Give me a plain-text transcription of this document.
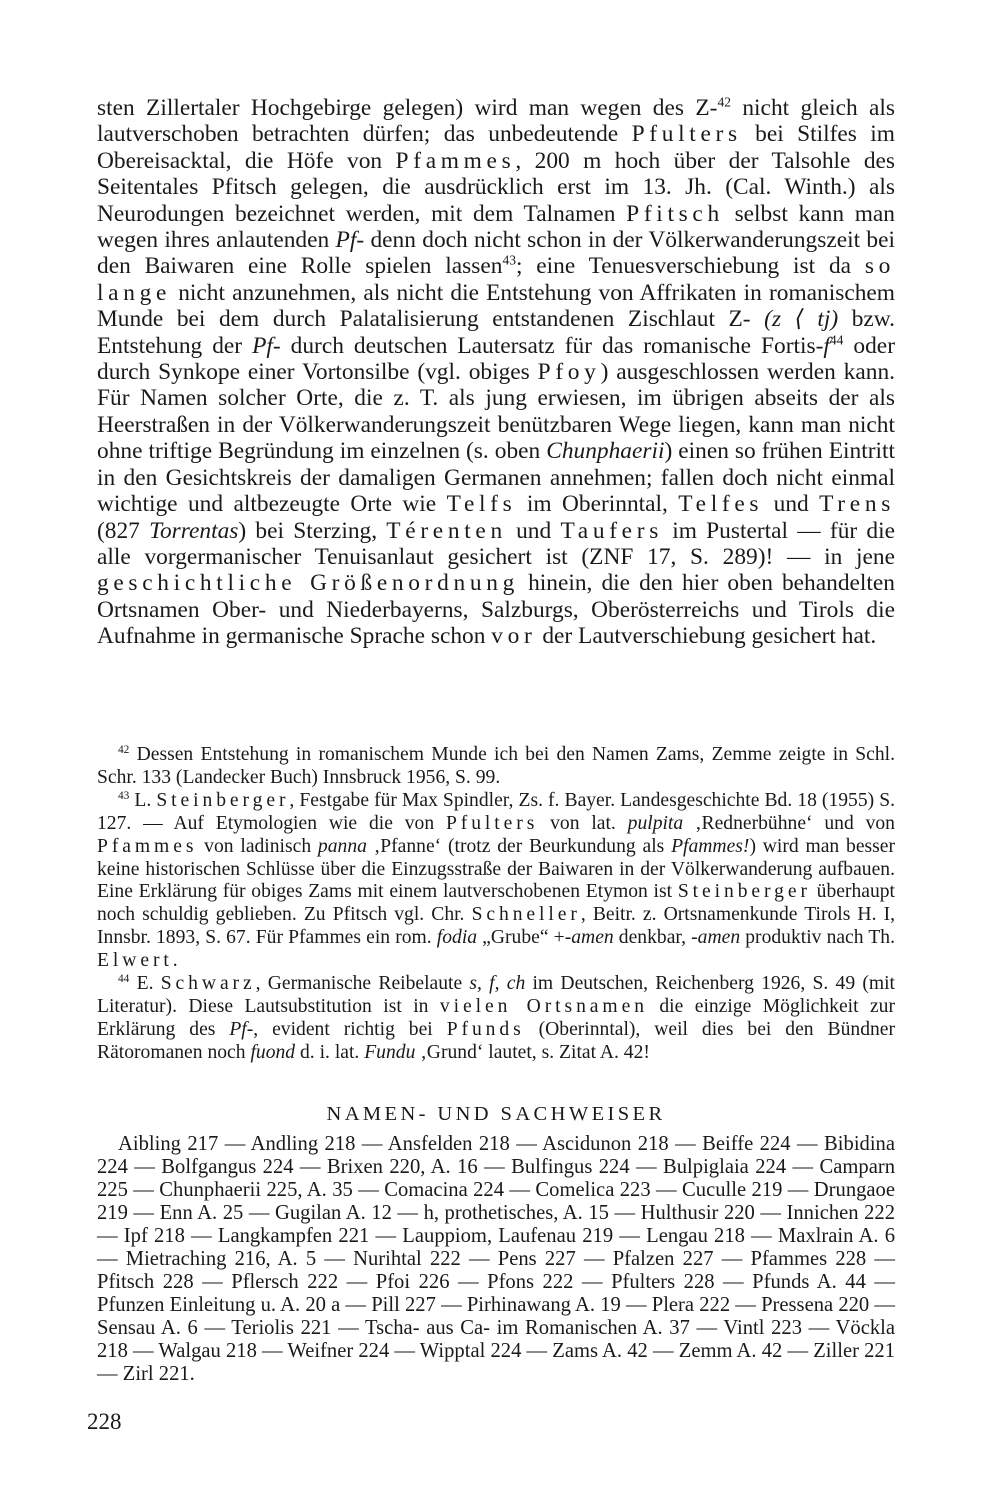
sten Zillertaler Hochgebirge gelegen) wird man wegen des Z-$^{42}$ nicht gleich als lautverschoben betrachten dürfen; das unbedeutende Pfulters bei Stilfes im Obereisacktal, die Höfe von Pfammes, 200 m hoch über der Talsohle des Seitentales Pfitsch gelegen, die ausdrücklich erst im 13. Jh. (Cal. Winth.) als Neurodungen bezeichnet werden, mit dem Talnamen Pfitsch selbst kann man wegen ihres anlautenden Pf- denn doch nicht schon in der Völkerwanderungszeit bei den Baiwaren eine Rolle spielen lassen$^{43}$; eine Tenuesverschiebung ist da so lange nicht anzunehmen, als nicht die Entstehung von Affrikaten in romanischem Munde bei dem durch Palatalisierung entstandenen Zischlaut Z- (z ⟨ tj) bzw. Entstehung der Pf- durch deutschen Lautersatz für das romanische Fortis-$f^{44}$ oder durch Synkope einer Vortonsilbe (vgl. obiges Pfoy) ausgeschlossen werden kann. Für Namen solcher Orte, die z. T. als jung erwiesen, im übrigen abseits der als Heerstraßen in der Völkerwanderungszeit benützbaren Wege liegen, kann man nicht ohne triftige Begründung im einzelnen (s. oben Chunphaerii) einen so frühen Eintritt in den Gesichtskreis der damaligen Germanen annehmen; fallen doch nicht einmal wichtige und altbezeugte Orte wie Telfs im Oberinntal, Telfes und Trens (827 Torrentas) bei Sterzing, Térenten und Taufers im Pustertal — für die alle vorgermanischer Tenuisanlaut gesichert ist (ZNF 17, S. 289)! — in jene geschichtliche Größenordnung hinein, die den hier oben behandelten Ortsnamen Ober- und Niederbayerns, Salzburgs, Oberösterreichs und Tirols die Aufnahme in germanische Sprache schon vor der Lautverschiebung gesichert hat.

$^{42}$ Dessen Entstehung in romanischem Munde ich bei den Namen Zams, Zemme zeigte in Schl. Schr. 133 (Landecker Buch) Innsbruck 1956, S. 99.

$^{43}$ L. Steinberger, Festgabe für Max Spindler, Zs. f. Bayer. Landesgeschichte Bd. 18 (1955) S. 127. — Auf Etymologien wie die von Pfulters von lat. pulpita ‚Rednerbühne‘ und von Pfammes von ladinisch panna ‚Pfanne‘ (trotz der Beurkundung als Pfammes!) wird man besser keine historischen Schlüsse über die Einzugsstraße der Baiwaren in der Völkerwanderung aufbauen. Eine Erklärung für obiges Zams mit einem lautverschobenen Etymon ist Steinberger überhaupt noch schuldig geblieben. Zu Pfitsch vgl. Chr. Schneller, Beitr. z. Ortsnamenkunde Tirols H. I, Innsbr. 1893, S. 67. Für Pfammes ein rom. fodia „Grube“ +-amen denkbar, -amen produktiv nach Th. Elwert.

$^{44}$ E. Schwarz, Germanische Reibelaute s, f, ch im Deutschen, Reichenberg 1926, S. 49 (mit Literatur). Diese Lautsubstitution ist in vielen Ortsnamen die einzige Möglichkeit zur Erklärung des Pf-, evident richtig bei Pfunds (Oberinntal), weil dies bei den Bündner Rätoromanen noch fuond d. i. lat. Fundu ‚Grund‘ lautet, s. Zitat A. 42!

NAMEN- UND SACHWEISER
Aibling 217 — Andling 218 — Ansfelden 218 — Ascidunon 218 — Beiffe 224 — Bibidina 224 — Bolfgangus 224 — Brixen 220, A. 16 — Bulfingus 224 — Bulpiglaia 224 — Camparn 225 — Chunphaerii 225, A. 35 — Comacina 224 — Comelica 223 — Cuculle 219 — Drungaoe 219 — Enn A. 25 — Gugilan A. 12 — h, prothetisches, A. 15 — Hulthusir 220 — Innichen 222 — Ipf 218 — Langkampfen 221 — Lauppiom, Laufenau 219 — Lengau 218 — Maxlrain A. 6 — Mietraching 216, A. 5 — Nurihtal 222 — Pens 227 — Pfalzen 227 — Pfammes 228 — Pfitsch 228 — Pflersch 222 — Pfoi 226 — Pfons 222 — Pfulters 228 — Pfunds A. 44 — Pfunzen Einleitung u. A. 20 a — Pill 227 — Pirhinawang A. 19 — Plera 222 — Pressena 220 — Sensau A. 6 — Teriolis 221 — Tscha- aus Ca- im Romanischen A. 37 — Vintl 223 — Vöckla 218 — Walgau 218 — Weifner 224 — Wipptal 224 — Zams A. 42 — Zemm A. 42 — Ziller 221 — Zirl 221.
228
